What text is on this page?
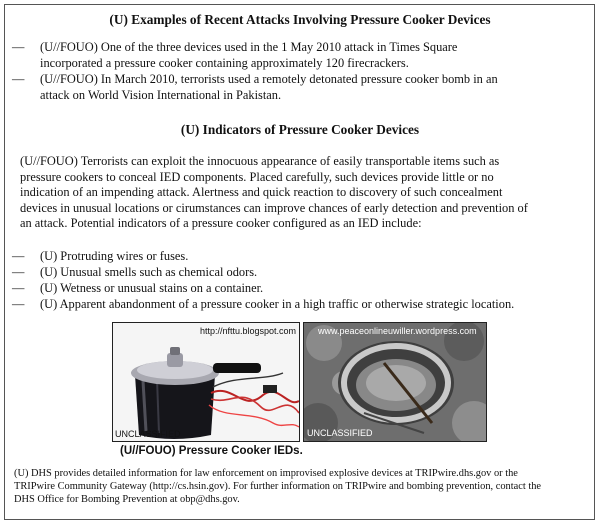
(U) Examples of Recent Attacks Involving Pressure Cooker Devices
— (U//FOUO) One of the three devices used in the 1 May 2010 attack in Times Square
incorporated a pressure cooker containing approximately 120 firecrackers.
— (U//FOUO) In March 2010, terrorists used a remotely detonated pressure cooker bomb in an
attack on World Vision International in Pakistan.
(U) Indicators of Pressure Cooker Devices
(U//FOUO) Terrorists can exploit the innocuous appearance of easily transportable items such as
pressure cookers to conceal IED components. Placed carefully, such devices provide little or no
indication of an impending attack. Alertness and quick reaction to discovery of such concealment
devices in unusual locations or cirumstances can improve chances of early detection and prevention of
an attack. Potential indicators of a pressure cooker configured as an IED include:
— (U) Protruding wires or fuses.
— (U) Unusual smells such as chemical odors.
— (U) Wetness or unusual stains on a container.
— (U) Apparent abandonment of a pressure cooker in a high traffic or otherwise strategic location.
http://nfttu.blogspot.com
UNCLASSIFIED
www.peaceonlineuwiller.wordpress.com
UNCLASSIFIED
(U//FOUO) Pressure Cooker IEDs.
(U) DHS provides detailed information for law enforcement on improvised explosive devices at TRIPwire.dhs.gov or the
TRIPwire Community Gateway (http://cs.hsin.gov). For further information on TRIPwire and bombing prevention, contact the
DHS Office for Bombing Prevention at obp@dhs.gov.
